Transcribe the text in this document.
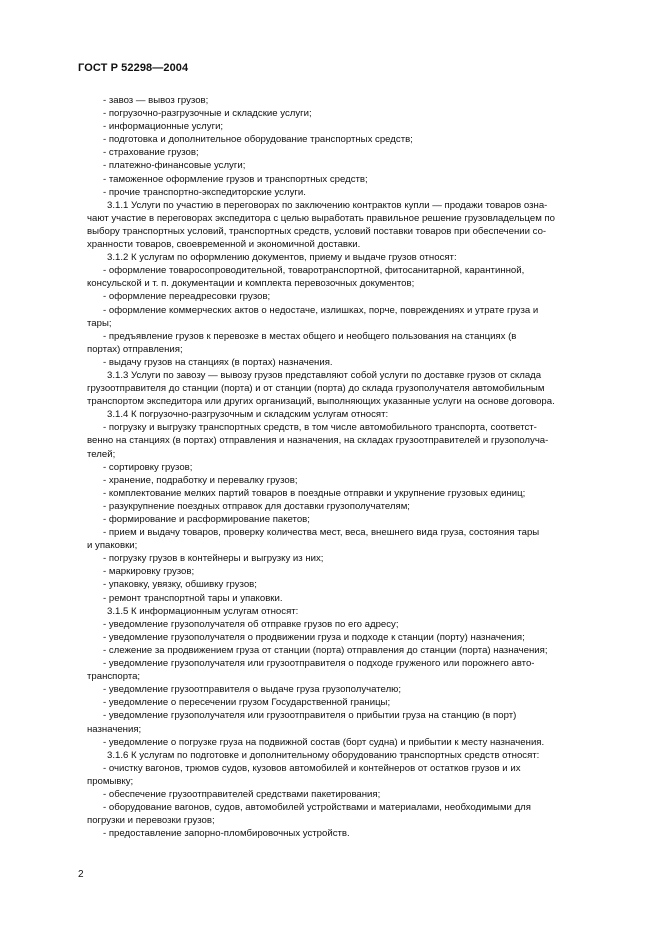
ГОСТ Р 52298—2004
- завоз — вывоз грузов;
- погрузочно-разгрузочные и складские услуги;
- информационные услуги;
- подготовка и дополнительное оборудование транспортных средств;
- страхование грузов;
- платежно-финансовые услуги;
- таможенное оформление грузов и транспортных средств;
- прочие транспортно-экспедиторские услуги.
3.1.1 Услуги по участию в переговорах по заключению контрактов купли — продажи товаров озна-
чают участие в переговорах экспедитора с целью выработать правильное решение грузовладельцем по
выбору транспортных условий, транспортных средств, условий поставки товаров при обеспечении со-
хранности товаров, своевременной и экономичной доставки.
3.1.2 К услугам по оформлению документов, приему и выдаче грузов относят:
- оформление товаросопроводительной, товаротранспортной, фитосанитарной, карантинной,
консульской и т. п. документации и комплекта перевозочных документов;
- оформление переадресовки грузов;
- оформление коммерческих актов о недостаче, излишках, порче, повреждениях и утрате груза и
тары;
- предъявление грузов к перевозке в местах общего и необщего пользования на станциях (в
портах) отправления;
- выдачу грузов на станциях (в портах) назначения.
3.1.3 Услуги по завозу — вывозу грузов представляют собой услуги по доставке грузов от склада
грузоотправителя до станции (порта) и от станции (порта) до склада грузополучателя автомобильным
транспортом экспедитора или других организаций, выполняющих указанные услуги на основе договора.
3.1.4 К погрузочно-разгрузочным и складским услугам относят:
- погрузку и выгрузку транспортных средств, в том числе автомобильного транспорта, соответст-
венно на станциях (в портах) отправления и назначения, на складах грузоотправителей и грузополуча-
телей;
- сортировку грузов;
- хранение, подработку и перевалку грузов;
- комплектование мелких партий товаров в поездные отправки и укрупнение грузовых единиц;
- разукрупнение поездных отправок для доставки грузополучателям;
- формирование и расформирование пакетов;
- прием и выдачу товаров, проверку количества мест, веса, внешнего вида груза, состояния тары
и упаковки;
- погрузку грузов в контейнеры и выгрузку из них;
- маркировку грузов;
- упаковку, увязку, обшивку грузов;
- ремонт транспортной тары и упаковки.
3.1.5 К информационным услугам относят:
- уведомление грузополучателя об отправке грузов по его адресу;
- уведомление грузополучателя о продвижении груза и подходе к станции (порту) назначения;
- слежение за продвижением груза от станции (порта) отправления до станции (порта) назначения;
- уведомление грузополучателя или грузоотправителя о подходе груженого или порожнего авто-
транспорта;
- уведомление грузоотправителя о выдаче груза грузополучателю;
- уведомление о пересечении грузом Государственной границы;
- уведомление грузополучателя или грузоотправителя о прибытии груза на станцию (в порт)
назначения;
- уведомление о погрузке груза на подвижной состав (борт судна) и прибытии к месту назначения.
3.1.6 К услугам по подготовке и дополнительному оборудованию транспортных средств относят:
- очистку вагонов, трюмов судов, кузовов автомобилей и контейнеров от остатков грузов и их
промывку;
- обеспечение грузоотправителей средствами пакетирования;
- оборудование вагонов, судов, автомобилей устройствами и материалами, необходимыми для
погрузки и перевозки грузов;
- предоставление запорно-пломбировочных устройств.
2
